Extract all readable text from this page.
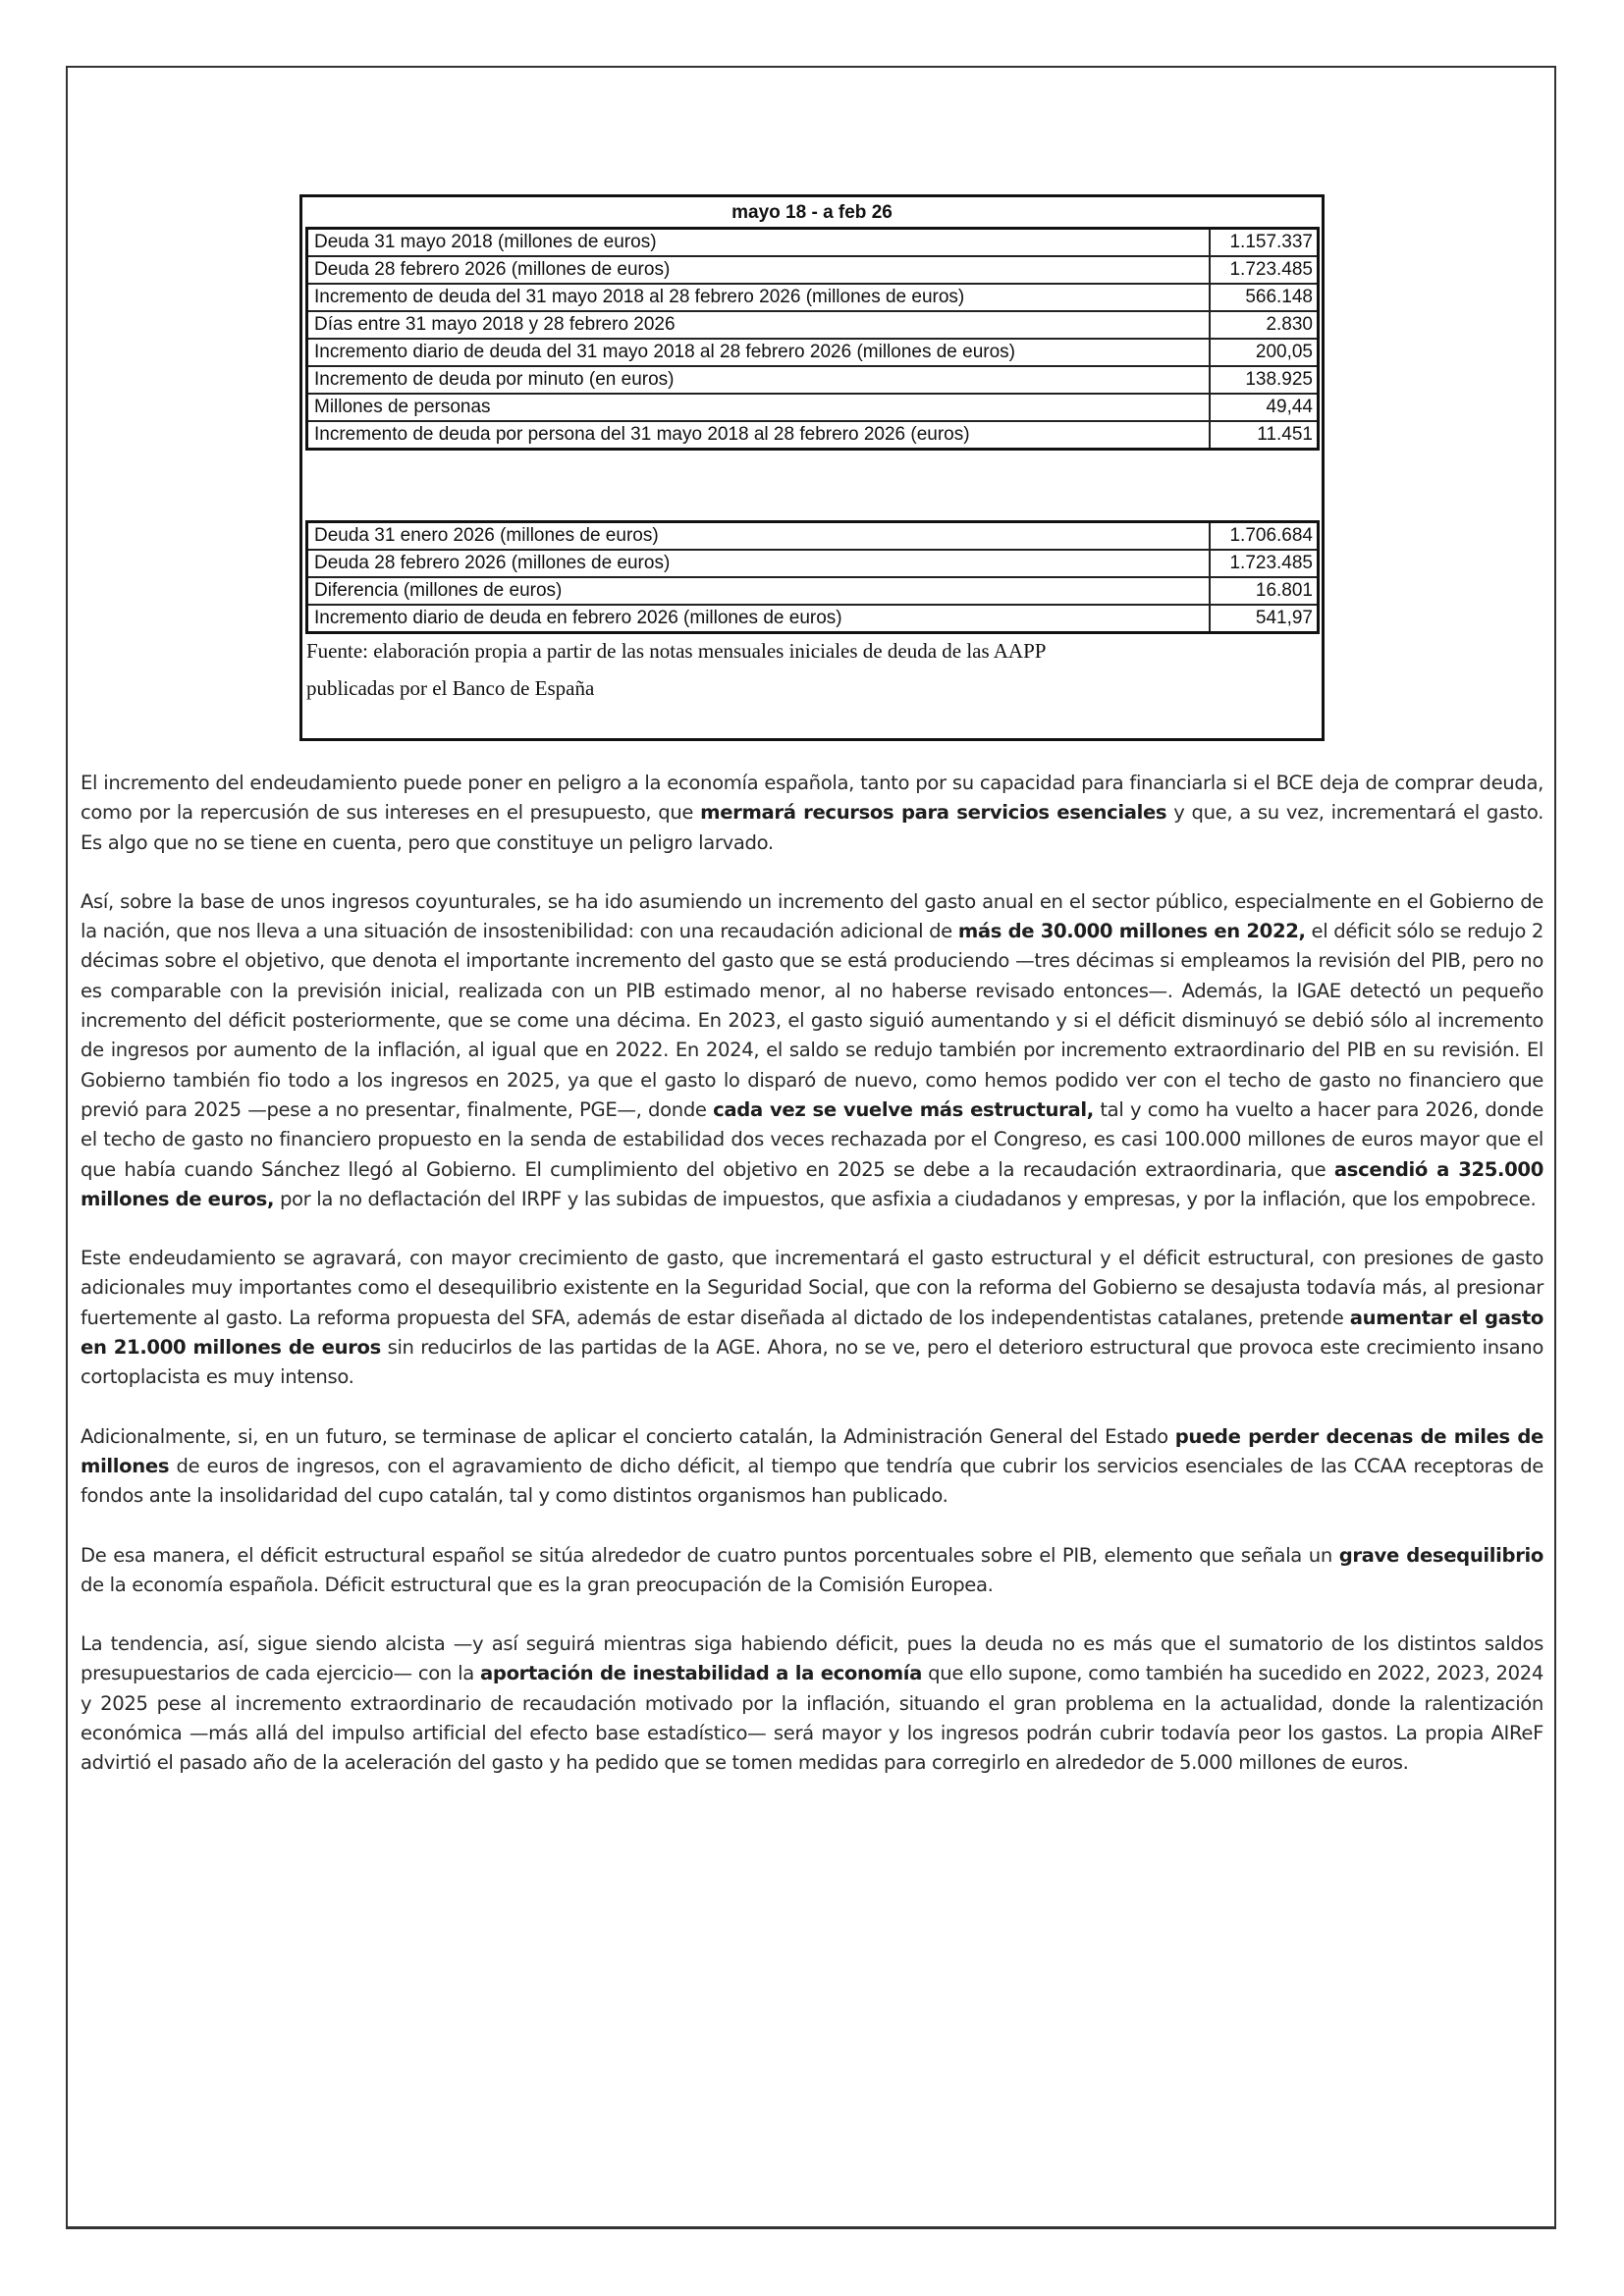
mayo 18 - a feb 26
Deuda 31 mayo 2018 (millones de euros)	1.157.337
Deuda 28 febrero 2026 (millones de euros)	1.723.485
Incremento de deuda del 31 mayo 2018 al 28 febrero 2026 (millones de euros)	566.148
Días entre 31 mayo 2018 y 28 febrero 2026	2.830
Incremento diario de deuda del 31 mayo 2018 al 28 febrero 2026 (millones de euros)	200,05
Incremento de deuda por minuto (en euros)	138.925
Millones de personas	49,44
Incremento de deuda por persona del 31 mayo 2018 al 28 febrero 2026 (euros)	11.451
Deuda 31 enero 2026 (millones de euros)	1.706.684
Deuda 28 febrero 2026 (millones de euros)	1.723.485
Diferencia (millones de euros)	16.801
Incremento diario de deuda en febrero 2026 (millones de euros)	541,97
Fuente: elaboración propia a partir de las notas mensuales iniciales de deuda de las AAPP
publicadas por el Banco de España

El incremento del endeudamiento puede poner en peligro a la economía española, tanto por su capacidad para financiarla si el BCE deja de comprar deuda, como por la repercusión de sus intereses en el presupuesto, que mermará recursos para servicios esenciales y que, a su vez, incrementará el gasto. Es algo que no se tiene en cuenta, pero que constituye un peligro larvado.

Así, sobre la base de unos ingresos coyunturales, se ha ido asumiendo un incremento del gasto anual en el sector público, especialmente en el Gobierno de la nación, que nos lleva a una situación de insostenibilidad: con una recaudación adicional de más de 30.000 millones en 2022, el déficit sólo se redujo 2 décimas sobre el objetivo, que denota el importante incremento del gasto que se está produciendo —tres décimas si empleamos la revisión del PIB, pero no es comparable con la previsión inicial, realizada con un PIB estimado menor, al no haberse revisado entonces—. Además, la IGAE detectó un pequeño incremento del déficit posteriormente, que se come una décima. En 2023, el gasto siguió aumentando y si el déficit disminuyó se debió sólo al incremento de ingresos por aumento de la inflación, al igual que en 2022. En 2024, el saldo se redujo también por incremento extraordinario del PIB en su revisión. El Gobierno también fio todo a los ingresos en 2025, ya que el gasto lo disparó de nuevo, como hemos podido ver con el techo de gasto no financiero que previó para 2025 —pese a no presentar, finalmente, PGE—, donde cada vez se vuelve más estructural, tal y como ha vuelto a hacer para 2026, donde el techo de gasto no financiero propuesto en la senda de estabilidad dos veces rechazada por el Congreso, es casi 100.000 millones de euros mayor que el que había cuando Sánchez llegó al Gobierno. El cumplimiento del objetivo en 2025 se debe a la recaudación extraordinaria, que ascendió a 325.000 millones de euros, por la no deflactación del IRPF y las subidas de impuestos, que asfixia a ciudadanos y empresas, y por la inflación, que los empobrece.

Este endeudamiento se agravará, con mayor crecimiento de gasto, que incrementará el gasto estructural y el déficit estructural, con presiones de gasto adicionales muy importantes como el desequilibrio existente en la Seguridad Social, que con la reforma del Gobierno se desajusta todavía más, al presionar fuertemente al gasto. La reforma propuesta del SFA, además de estar diseñada al dictado de los independentistas catalanes, pretende aumentar el gasto en 21.000 millones de euros sin reducirlos de las partidas de la AGE. Ahora, no se ve, pero el deterioro estructural que provoca este crecimiento insano cortoplacista es muy intenso.

Adicionalmente, si, en un futuro, se terminase de aplicar el concierto catalán, la Administración General del Estado puede perder decenas de miles de millones de euros de ingresos, con el agravamiento de dicho déficit, al tiempo que tendría que cubrir los servicios esenciales de las CCAA receptoras de fondos ante la insolidaridad del cupo catalán, tal y como distintos organismos han publicado.

De esa manera, el déficit estructural español se sitúa alrededor de cuatro puntos porcentuales sobre el PIB, elemento que señala un grave desequilibrio de la economía española. Déficit estructural que es la gran preocupación de la Comisión Europea.

La tendencia, así, sigue siendo alcista —y así seguirá mientras siga habiendo déficit, pues la deuda no es más que el sumatorio de los distintos saldos presupuestarios de cada ejercicio— con la aportación de inestabilidad a la economía que ello supone, como también ha sucedido en 2022, 2023, 2024 y 2025 pese al incremento extraordinario de recaudación motivado por la inflación, situando el gran problema en la actualidad, donde la ralentización económica —más allá del impulso artificial del efecto base estadístico— será mayor y los ingresos podrán cubrir todavía peor los gastos. La propia AIReF advirtió el pasado año de la aceleración del gasto y ha pedido que se tomen medidas para corregirlo en alrededor de 5.000 millones de euros.
